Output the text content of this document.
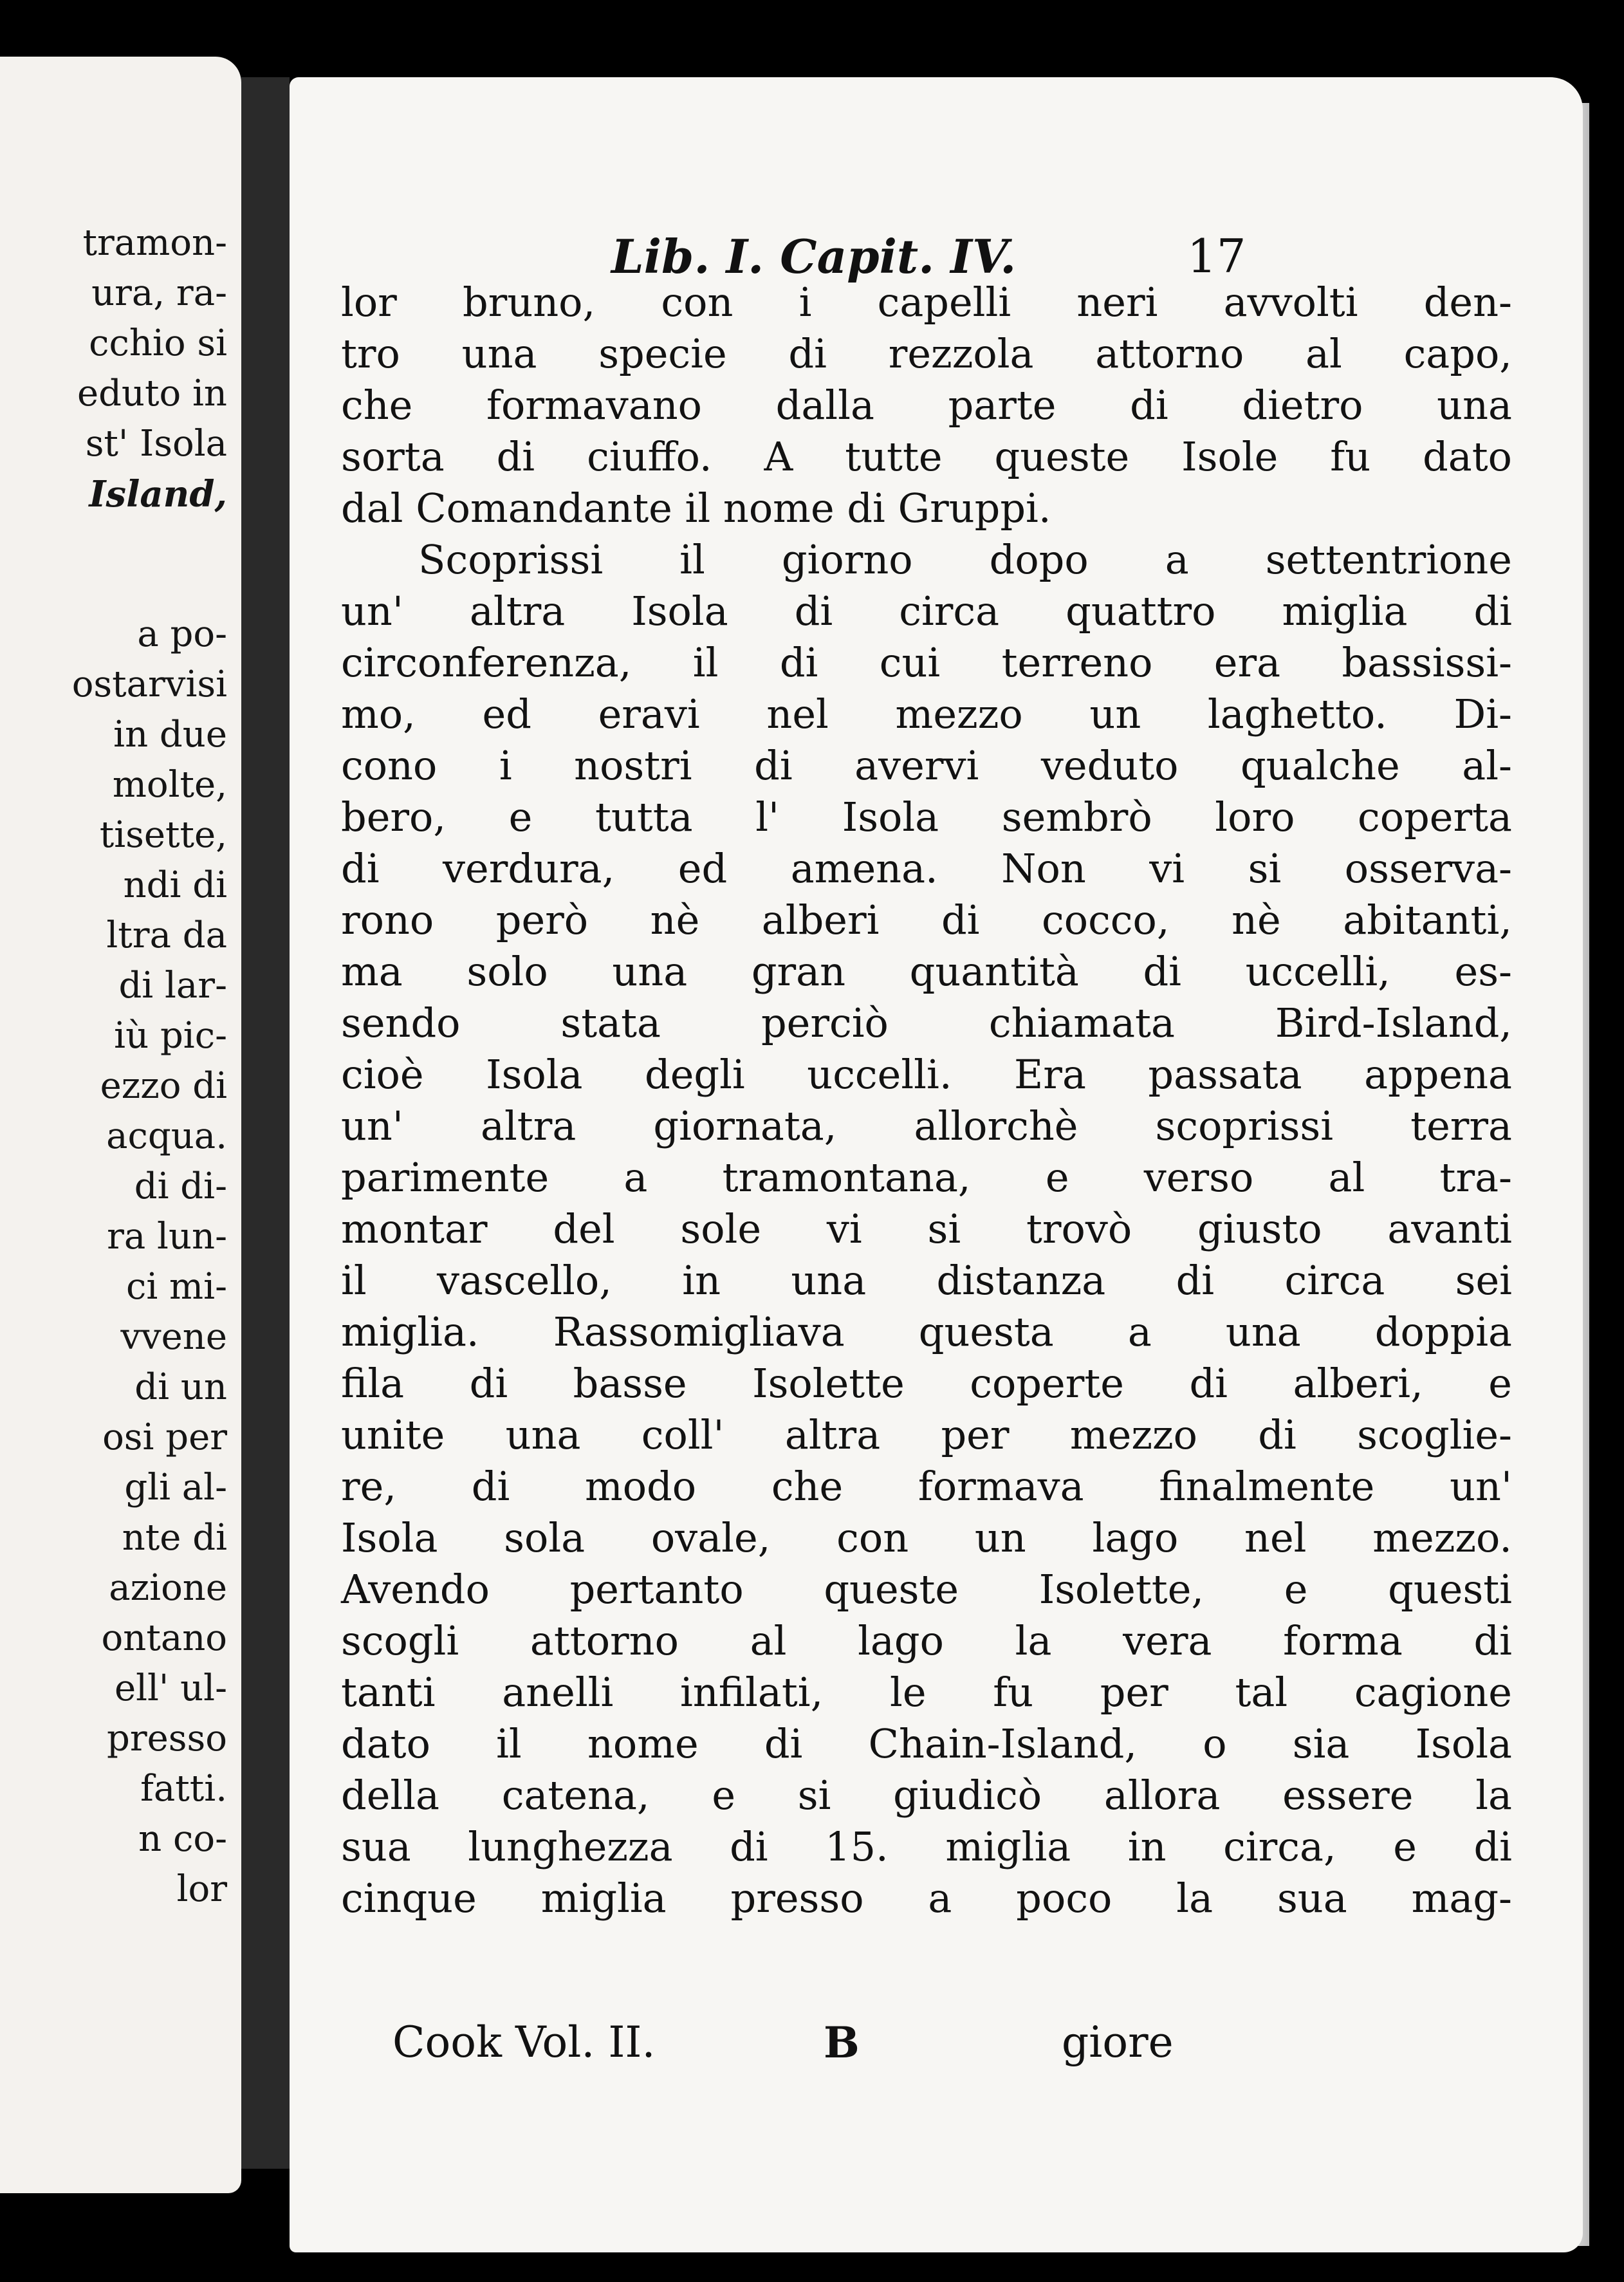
tramon-
ura, ra-
cchio si
eduto in
st' Isola
Island,
a po-
ostarvisi
in due
molte,
tisette,
ndi di
ltra da
di lar-
iù pic-
ezzo di
acqua.
di di-
ra lun-
ci mi-
vvene
di un
osi per
gli al-
nte di
azione
ontano
ell' ul-
presso
fatti.
n co-
lor
Lib. I. Capit. IV.	17
lor bruno, con i capelli neri avvolti den-
tro una specie di rezzola attorno al capo,
che formavano dalla parte di dietro una
sorta di ciuffo. A tutte queste Isole fu dato
dal Comandante il nome di Gruppi.
Scoprissi il giorno dopo a settentrione
un' altra Isola di circa quattro miglia di
circonferenza, il di cui terreno era bassissi-
mo, ed eravi nel mezzo un laghetto. Di-
cono i nostri di avervi veduto qualche al-
bero, e tutta l' Isola sembrò loro coperta
di verdura, ed amena. Non vi si osserva-
rono però nè alberi di cocco, nè abitanti,
ma solo una gran quantità di uccelli, es-
sendo stata perciò chiamata Bird-Island,
cioè Isola degli uccelli. Era passata appena
un' altra giornata, allorchè scoprissi terra
parimente a tramontana, e verso al tra-
montar del sole vi si trovò giusto avanti
il vascello, in una distanza di circa sei
miglia. Rassomigliava questa a una doppia
fila di basse Isolette coperte di alberi, e
unite una coll' altra per mezzo di scoglie-
re, di modo che formava finalmente un'
Isola sola ovale, con un lago nel mezzo.
Avendo pertanto queste Isolette, e questi
scogli attorno al lago la vera forma di
tanti anelli infilati, le fu per tal cagione
dato il nome di Chain-Island, o sia Isola
della catena, e si giudicò allora essere la
sua lunghezza di 15. miglia in circa, e di
cinque miglia presso a poco la sua mag-
Cook Vol. II.	B	giore
